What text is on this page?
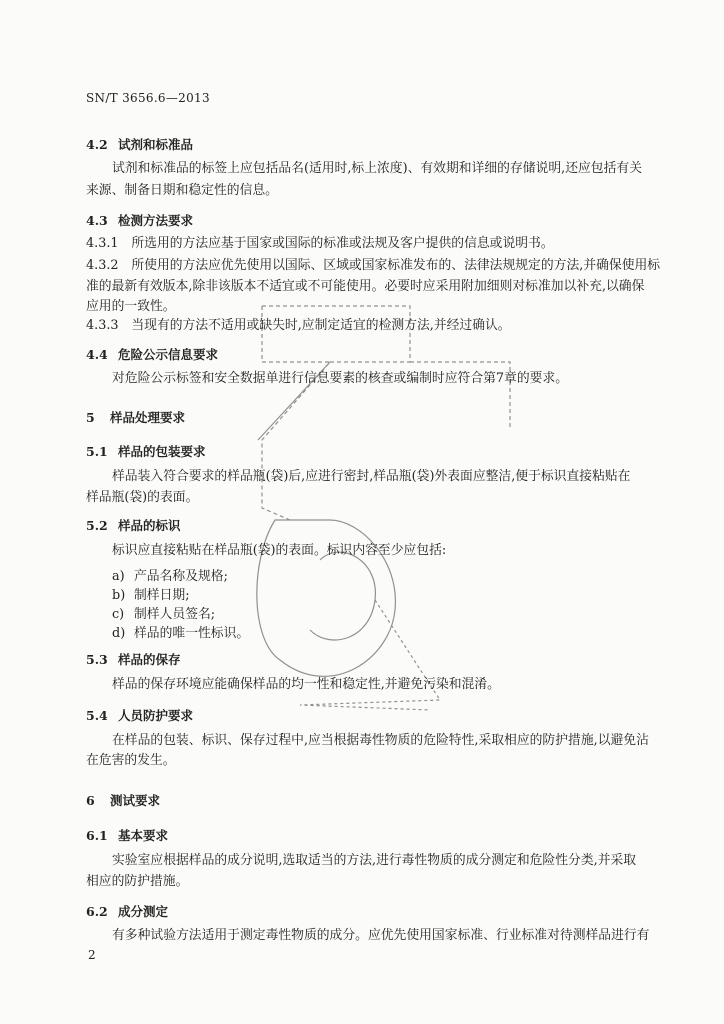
SN/T 3656.6—2013
4.2 试剂和标准品
试剂和标准品的标签上应包括品名(适用时,标上浓度)、有效期和详细的存储说明,还应包括有关
来源、制备日期和稳定性的信息。
4.3 检测方法要求
4.3.1　所选用的方法应基于国家或国际的标准或法规及客户提供的信息或说明书。
4.3.2　所使用的方法应优先使用以国际、区域或国家标准发布的、法律法规规定的方法,并确保使用标
准的最新有效版本,除非该版本不适宜或不可能使用。必要时应采用附加细则对标准加以补充,以确保
应用的一致性。
4.3.3　当现有的方法不适用或缺失时,应制定适宜的检测方法,并经过确认。
4.4 危险公示信息要求
对危险公示标签和安全数据单进行信息要素的核查或编制时应符合第7章的要求。
5 样品处理要求
5.1 样品的包装要求
样品装入符合要求的样品瓶(袋)后,应进行密封,样品瓶(袋)外表面应整洁,便于标识直接粘贴在
样品瓶(袋)的表面。
5.2 样品的标识
标识应直接粘贴在样品瓶(袋)的表面。标识内容至少应包括:
a) 产品名称及规格;
b) 制样日期;
c) 制样人员签名;
d) 样品的唯一性标识。
5.3 样品的保存
样品的保存环境应能确保样品的均一性和稳定性,并避免污染和混淆。
5.4 人员防护要求
在样品的包装、标识、保存过程中,应当根据毒性物质的危险特性,采取相应的防护措施,以避免沾
在危害的发生。
6 测试要求
6.1 基本要求
实验室应根据样品的成分说明,选取适当的方法,进行毒性物质的成分测定和危险性分类,并采取
相应的防护措施。
6.2 成分测定
有多种试验方法适用于测定毒性物质的成分。应优先使用国家标准、行业标准对待测样品进行有
2
